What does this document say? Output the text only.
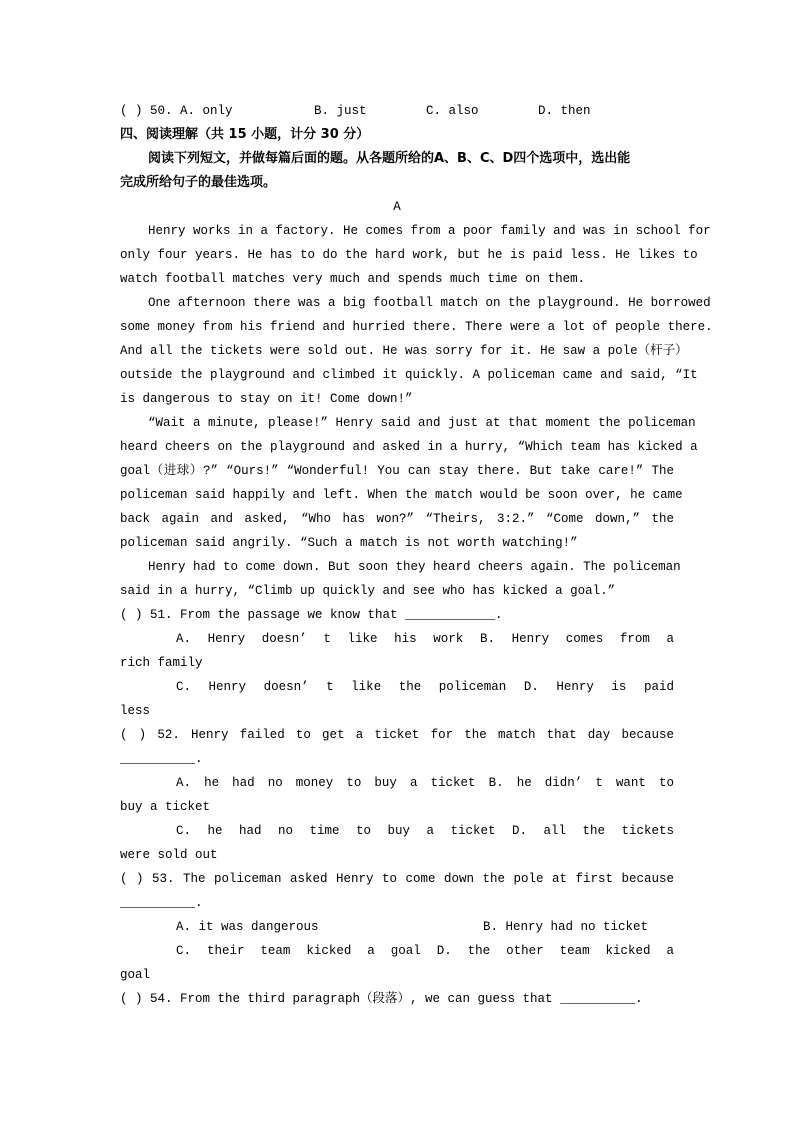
( ) 50. A. only	B. just	C. also	D. then
四、阅读理解（共 15 小题，计分 30 分）
阅读下列短文，并做每篇后面的题。从各题所给的A、B、C、D四个选项中，选出能
完成所给句子的最佳选项。
A
Henry works in a factory. He comes from a poor family and was in school for
only four years. He has to do the hard work, but he is paid less. He likes to
watch football matches very much and spends much time on them.
One afternoon there was a big football match on the playground. He borrowed
some money from his friend and hurried there. There were a lot of people there.
And all the tickets were sold out. He was sorry for it. He saw a pole（杆子）
outside the playground and climbed it quickly. A policeman came and said, “It
is dangerous to stay on it! Come down!”
“Wait a minute, please!” Henry said and just at that moment the policeman
heard cheers on the playground and asked in a hurry, “Which team has kicked a
goal（进球）?” “Ours!” “Wonderful! You can stay there. But take care!” The
policeman said happily and left. When the match would be soon over, he came
back again and asked, “Who has won?” “Theirs, 3:2.” “Come down,” the
policeman said angrily. “Such a match is not worth watching!”
Henry had to come down. But soon they heard cheers again. The policeman
said in a hurry, “Climb up quickly and see who has kicked a goal.”
( ) 51. From the passage we know that ____________.
A. Henry doesn’ t like his work B. Henry comes from a
rich family
C. Henry doesn’ t like the policeman D. Henry is paid
less
( ) 52. Henry failed to get a ticket for the match that day because
__________.
A. he had no money to buy a ticket B. he didn’ t want to
buy a ticket
C. he had no time to buy a ticket D. all the tickets
were sold out
( ) 53. The policeman asked Henry to come down the pole at first because
__________.
A. it was dangerous	B. Henry had no ticket
C. their team kicked a goal D. the other team kicked a
goal
( ) 54. From the third paragraph（段落）, we can guess that __________.
